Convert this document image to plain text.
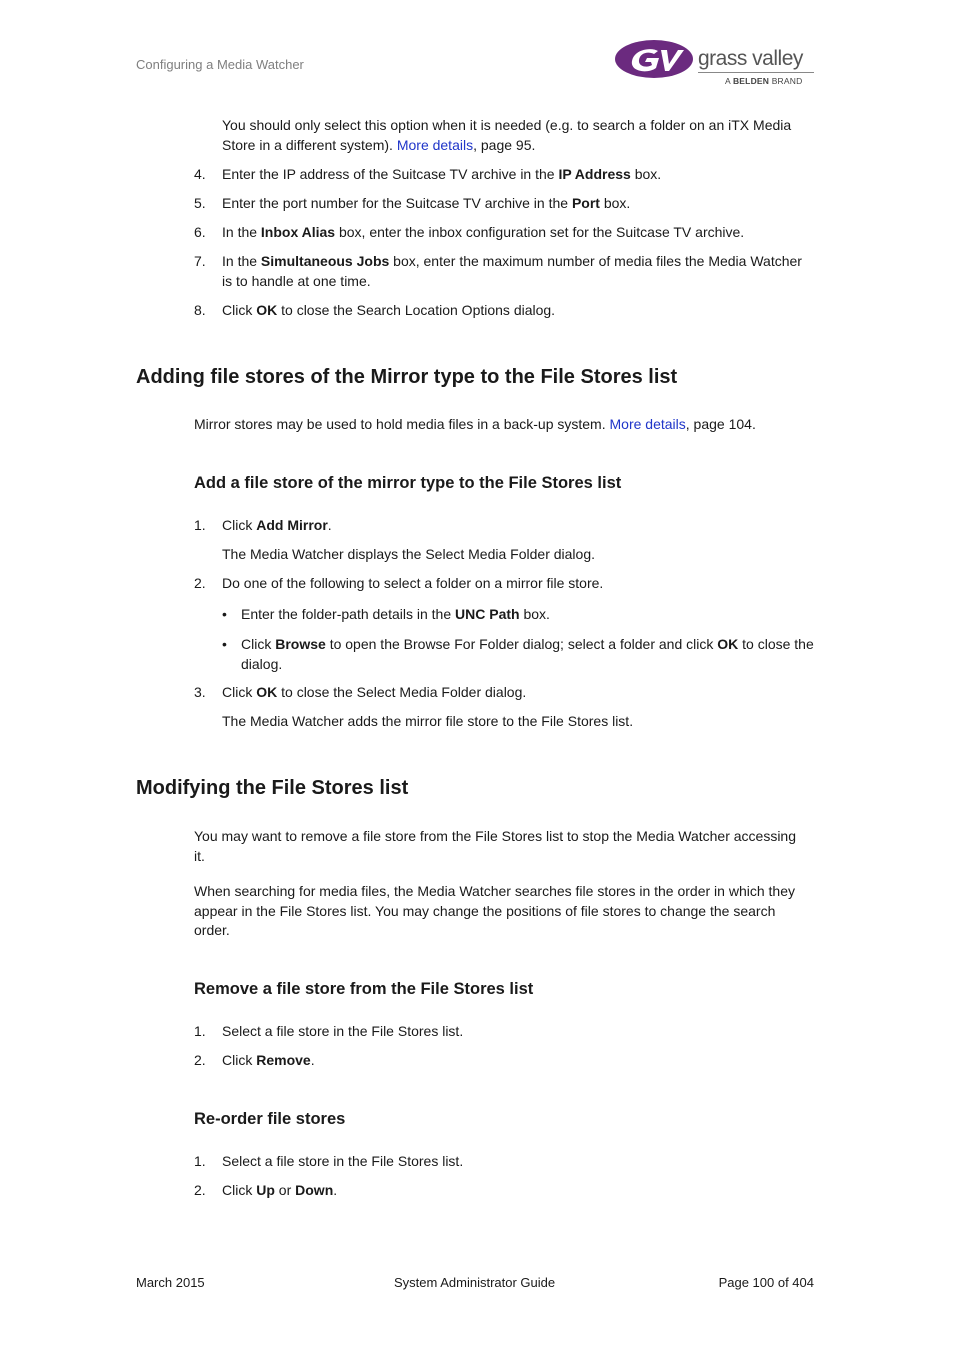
Configuring a Media Watcher	grass valley
A BELDEN BRAND
You should only select this option when it is needed (e.g. to search a folder on an iTX Media Store in a different system). More details, page 95.
4. Enter the IP address of the Suitcase TV archive in the IP Address box.
5. Enter the port number for the Suitcase TV archive in the Port box.
6. In the Inbox Alias box, enter the inbox configuration set for the Suitcase TV archive.
7. In the Simultaneous Jobs box, enter the maximum number of media files the Media Watcher is to handle at one time.
8. Click OK to close the Search Location Options dialog.
Adding file stores of the Mirror type to the File Stores list
Mirror stores may be used to hold media files in a back-up system. More details, page 104.
Add a file store of the mirror type to the File Stores list
1. Click Add Mirror.
The Media Watcher displays the Select Media Folder dialog.
2. Do one of the following to select a folder on a mirror file store.
• Enter the folder-path details in the UNC Path box.
• Click Browse to open the Browse For Folder dialog; select a folder and click OK to close the dialog.
3. Click OK to close the Select Media Folder dialog.
The Media Watcher adds the mirror file store to the File Stores list.
Modifying the File Stores list
You may want to remove a file store from the File Stores list to stop the Media Watcher accessing it.
When searching for media files, the Media Watcher searches file stores in the order in which they appear in the File Stores list. You may change the positions of file stores to change the search order.
Remove a file store from the File Stores list
1. Select a file store in the File Stores list.
2. Click Remove.
Re-order file stores
1. Select a file store in the File Stores list.
2. Click Up or Down.
March 2015	System Administrator Guide	Page 100 of 404
